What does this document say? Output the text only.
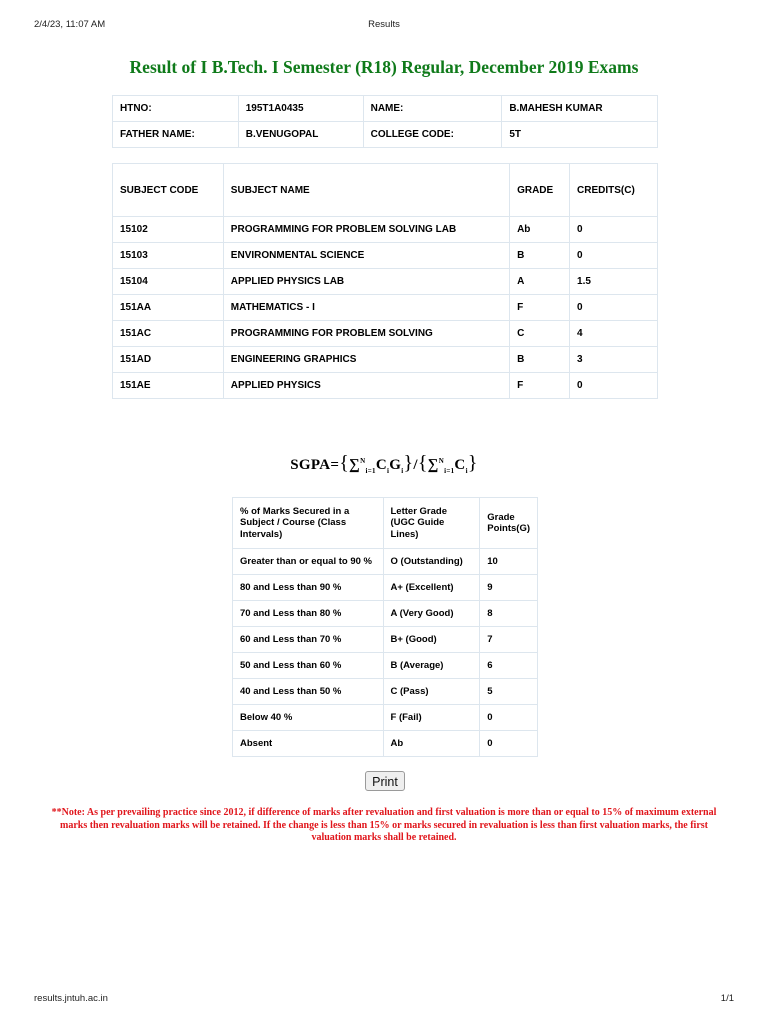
2/4/23, 11:07 AM	Results
Result of I B.Tech. I Semester (R18) Regular, December 2019 Exams
HTNO:	195T1A0435	NAME:	B.MAHESH KUMAR
FATHER NAME:	B.VENUGOPAL	COLLEGE CODE:	5T
SUBJECT CODE	SUBJECT NAME	GRADE	CREDITS(C)
15102	PROGRAMMING FOR PROBLEM SOLVING LAB	Ab	0
15103	ENVIRONMENTAL SCIENCE	B	0
15104	APPLIED PHYSICS LAB	A	1.5
151AA	MATHEMATICS - I	F	0
151AC	PROGRAMMING FOR PROBLEM SOLVING	C	4
151AD	ENGINEERING GRAPHICS	B	3
151AE	APPLIED PHYSICS	F	0
$SGPA=\{\sum^N_{i=1}C_iG_i\}/\{\sum^N_{i=1}C_i\}$
% of Marks Secured in a Subject / Course (Class Intervals)	Letter Grade (UGC Guide Lines)	Grade Points(G)
Greater than or equal to 90 %	O (Outstanding)	10
80 and Less than 90 %	A+ (Excellent)	9
70 and Less than 80 %	A (Very Good)	8
60 and Less than 70 %	B+ (Good)	7
50 and Less than 60 %	B (Average)	6
40 and Less than 50 %	C (Pass)	5
Below 40 %	F (Fail)	0
Absent	Ab	0
Print
**Note: As per prevailing practice since 2012, if difference of marks after revaluation and first valuation is more than or equal to 15% of maximum external marks then revaluation marks will be retained. If the change is less than 15% or marks secured in revaluation is less than first valuation marks, the first valuation marks shall be retained.
results.jntuh.ac.in	1/1
